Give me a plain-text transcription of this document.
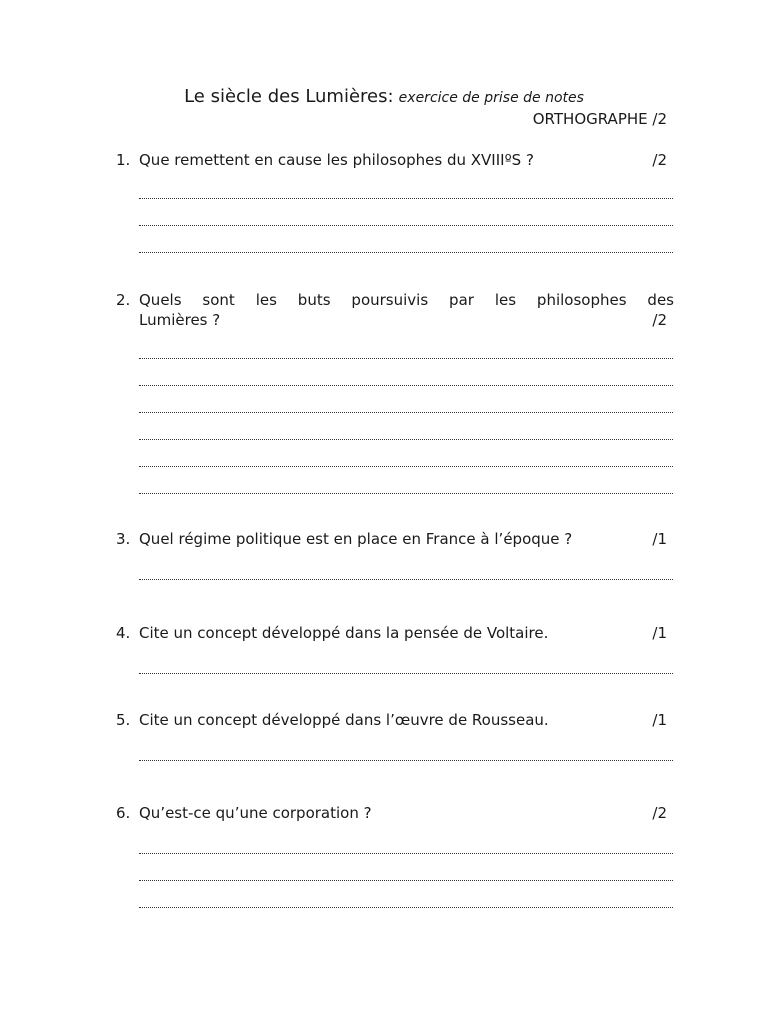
Le siècle des Lumières: exercice de prise de notes
ORTHOGRAPHE /2
1. Que remettent en cause les philosophes du XVIIIºS ?	/2
2. Quels sont les buts poursuivis par les philosophes des
Lumières ?	/2
3. Quel régime politique est en place en France à l’époque ?	/1
4. Cite un concept développé dans la pensée de Voltaire.	/1
5. Cite un concept développé dans l’œuvre de Rousseau.	/1
6. Qu’est-ce qu’une corporation ?	/2
